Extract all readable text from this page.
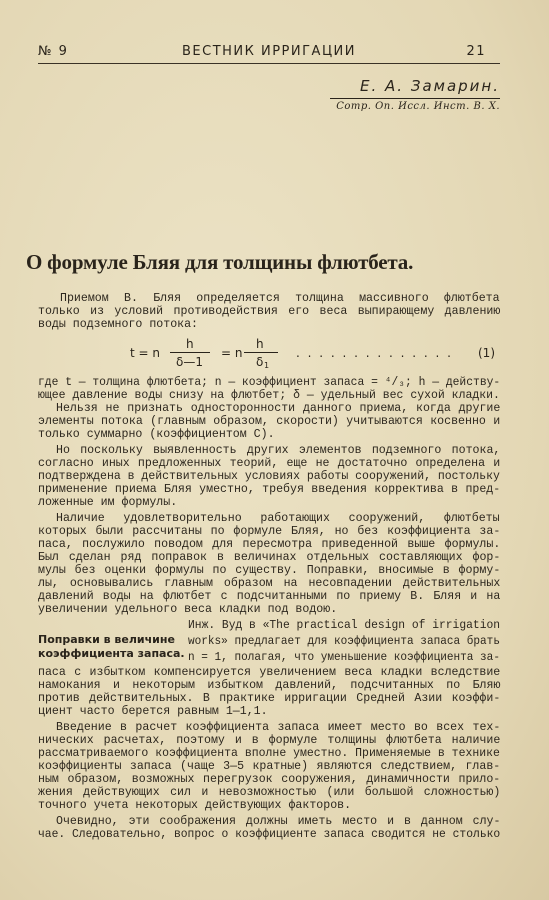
№ 9	ВЕСТНИК ИРРИГАЦИИ	21
Е. А. Замарин.
Сотр. Оп. Исcл. Инст. В. Х.
О формуле Бляя для толщины флютбета.
t = n
h
δ—1
= n
h
δ 1
. . . . . . . . . . . . . . (1)
Поправки в величине
коэффициента запаса.
Приемом В. Бляя определяется толщина массивного флютбета
только из условий противодействия его веса выпирающему давлению
воды подземного потока:
где t — толщина флютбета; n — коэффициент запаса = ⁴/₃; h — действу-
ющее давление воды снизу на флютбет; δ — удельный вес сухой кладки.
Нельзя не признать односторонности данного приема, когда другие
элементы потока (главным образом, скорости) учитываются косвенно и
только суммарно (коэффициентом С).
Но поскольку выявленность других элементов подземного потока,
согласно иных предложенных теорий, еще не достаточно определена и
подтверждена в действительных условиях работы сооружений, постольку
применение приема Бляя уместно, требуя введения корректива в пред-
ложенные им формулы.
Наличие удовлетворительно работающих сооружений, флютбеты
которых были рассчитаны по формуле Бляя, но без коэффициента за-
паса, послужило поводом для пересмотра приведенной выше формулы.
Был сделан ряд поправок в величинах отдельных составляющих фор-
мулы без оценки формулы по существу. Поправки, вносимые в форму-
лы, основывались главным образом на несовпадении действительных
давлений воды на флютбет с подсчитанными по приему В. Бляя и на
увеличении удельного веса кладки под водою.
Инж. Вуд в «The practical design of irrigation
works» предлагает для коэффициента запаса брать
n = 1, полагая, что уменьшение коэффициента за-
паса с избытком компенсируется увеличением веса кладки вследствие
намокания и некоторым избытком давлений, подсчитанных по Бляю
против действительных. В практике ирригации Средней Азии коэффи-
циент часто берется равным 1—1,1.
Введение в расчет коэффициента запаса имеет место во всех тех-
нических расчетах, поэтому и в формуле толщины флютбета наличие
рассматриваемого коэффициента вполне уместно. Применяемые в технике
коэффициенты запаса (чаще 3—5 кратные) являются следствием, глав-
ным образом, возможных перегрузок сооружения, динамичности прило-
жения действующих сил и невозможностью (или большой сложностью)
точного учета некоторых действующих факторов.
Очевидно, эти соображения должны иметь место и в данном слу-
чае. Следовательно, вопрос о коэффициенте запаса сводится не столько
